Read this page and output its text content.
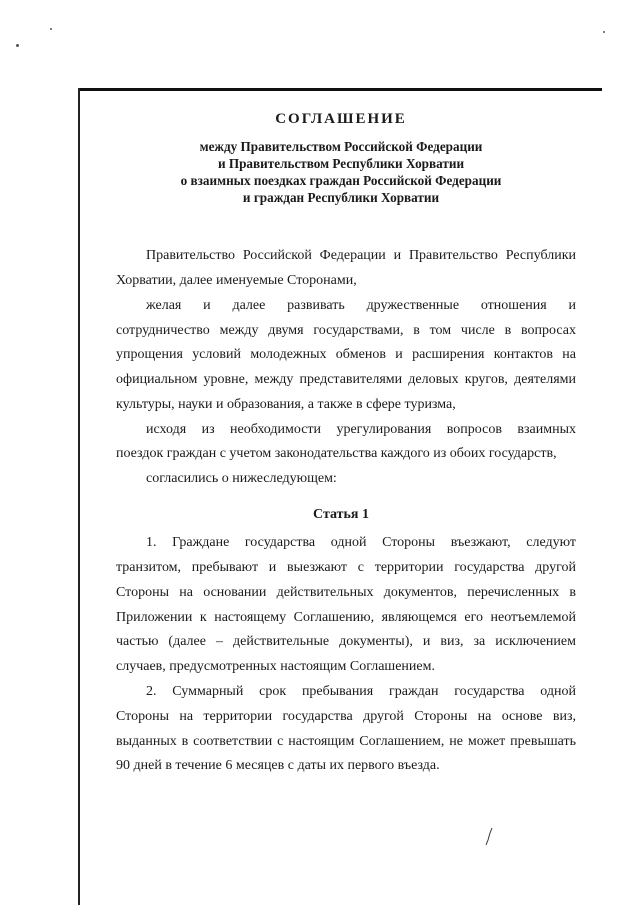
СОГЛАШЕНИЕ
между Правительством Российской Федерации
и Правительством Республики Хорватии
о взаимных поездках граждан Российской Федерации
и граждан Республики Хорватии
Правительство Российской Федерации и Правительство Республики
Хорватии, далее именуемые Сторонами,
желая и далее развивать дружественные отношения и
сотрудничество между двумя государствами, в том числе в вопросах
упрощения условий молодежных обменов и расширения контактов на
официальном уровне, между представителями деловых кругов, деятелями
культуры, науки и образования, а также в сфере туризма,
исходя из необходимости урегулирования вопросов взаимных
поездок граждан с учетом законодательства каждого из обоих государств,
согласились о нижеследующем:
Статья 1
1. Граждане государства одной Стороны въезжают, следуют
транзитом, пребывают и выезжают с территории государства другой
Стороны на основании действительных документов, перечисленных в
Приложении к настоящему Соглашению, являющемся его неотъемлемой
частью (далее – действительные документы), и виз, за исключением
случаев, предусмотренных настоящим Соглашением.
2. Суммарный срок пребывания граждан государства одной
Стороны на территории государства другой Стороны на основе виз,
выданных в соответствии с настоящим Соглашением, не может превышать
90 дней в течение 6 месяцев с даты их первого въезда.
